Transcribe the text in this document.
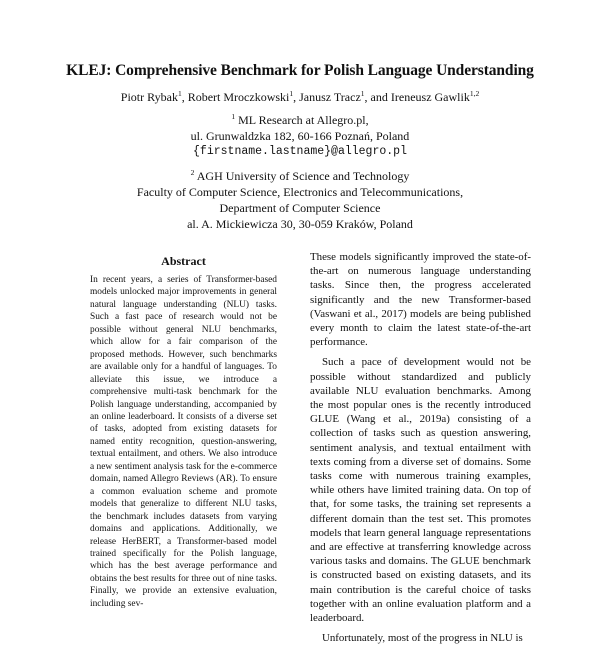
KLEJ: Comprehensive Benchmark for Polish Language Understanding
Piotr Rybak$^1$, Robert Mroczkowski$^1$, Janusz Tracz$^1$, and Ireneusz Gawlik$^{1,2}$
$^1$ ML Research at Allegro.pl,
ul. Grunwaldzka 182, 60-166 Poznań, Poland
{firstname.lastname}@allegro.pl
$^2$ AGH University of Science and Technology
Faculty of Computer Science, Electronics and Telecommunications,
Department of Computer Science
al. A. Mickiewicza 30, 30-059 Kraków, Poland
Abstract
In recent years, a series of Transformer-based models unlocked major improvements in general natural language understanding (NLU) tasks. Such a fast pace of research would not be possible without general NLU benchmarks, which allow for a fair comparison of the proposed methods. However, such benchmarks are available only for a handful of languages. To alleviate this issue, we introduce a comprehensive multi-task benchmark for the Polish language understanding, accompanied by an online leaderboard. It consists of a diverse set of tasks, adopted from existing datasets for named entity recognition, question-answering, textual entailment, and others. We also introduce a new sentiment analysis task for the e-commerce domain, named Allegro Reviews (AR). To ensure a common evaluation scheme and promote models that generalize to different NLU tasks, the benchmark includes datasets from varying domains and applications. Additionally, we release HerBERT, a Transformer-based model trained specifically for the Polish language, which has the best average performance and obtains the best results for three out of nine tasks. Finally, we provide an extensive evaluation, including sev-

These models significantly improved the state-of-the-art on numerous language understanding tasks. Since then, the progress accelerated significantly and the new Transformer-based (Vaswani et al., 2017) models are being published every month to claim the latest state-of-the-art performance.

Such a pace of development would not be possible without standardized and publicly available NLU evaluation benchmarks. Among the most popular ones is the recently introduced GLUE (Wang et al., 2019a) consisting of a collection of tasks such as question answering, sentiment analysis, and textual entailment with texts coming from a diverse set of domains. Some tasks come with numerous training examples, while others have limited training data. On top of that, for some tasks, the training set represents a different domain than the test set. This promotes models that learn general language representations and are effective at transferring knowledge across various tasks and domains. The GLUE benchmark is constructed based on existing datasets, and its main contribution is the careful choice of tasks together with an online evaluation platform and a leaderboard.

Unfortunately, most of the progress in NLU is
